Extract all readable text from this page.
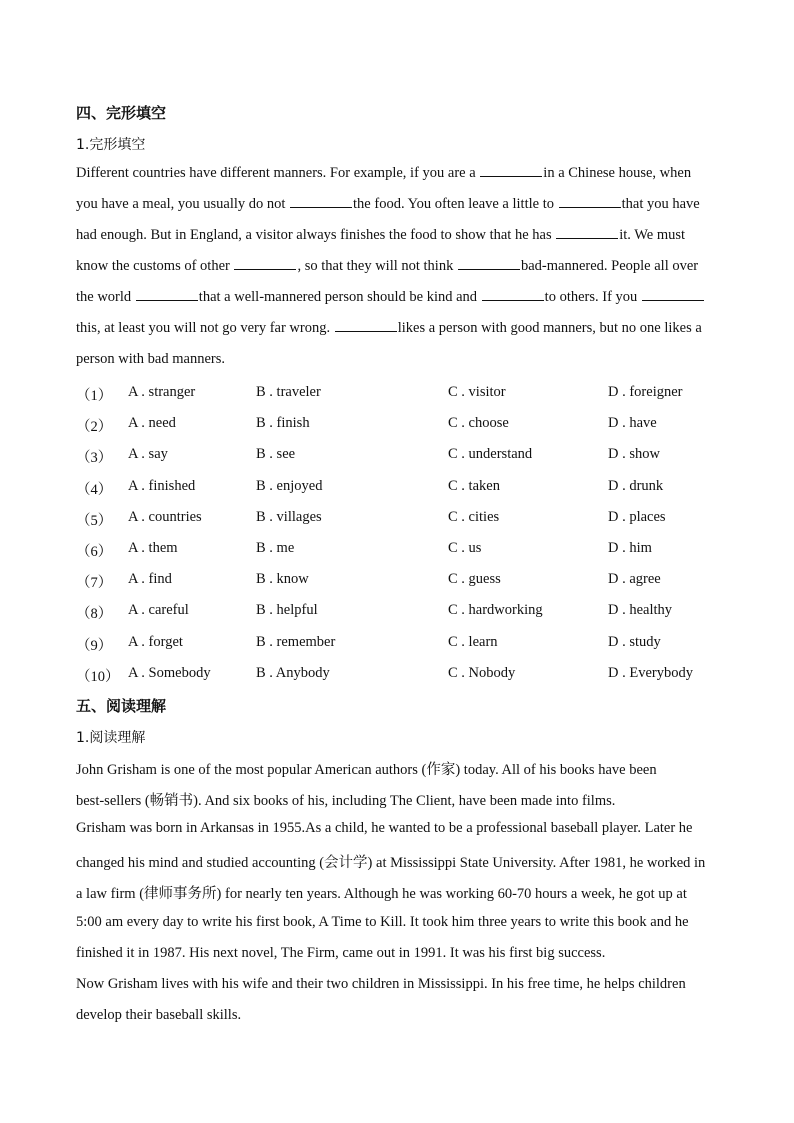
四、完形填空
1.完形填空
Different countries have different manners. For example, if you are a	in a Chinese house, when
you have a meal, you usually do not	the food. You often leave a little to	that you have
had enough. But in England, a visitor always finishes the food to show that he has	it. We must
know the customs of other	, so that they will not think	bad-mannered. People all over
the world	that a well-mannered person should be kind and	to others. If you
this, at least you will not go very far wrong.	likes a person with good manners, but no one likes a
person with bad manners.
（1） A . stranger	B . traveler	C . visitor	D . foreigner
（2） A . need	B . finish	C . choose	D . have
（3） A . say	B . see	C . understand	D . show
（4） A . finished	B . enjoyed	C . taken	D . drunk
（5） A . countries	B . villages	C . cities	D . places
（6） A . them	B . me	C . us	D . him
（7） A . find	B . know	C . guess	D . agree
（8） A . careful	B . helpful	C . hardworking	D . healthy
（9） A . forget	B . remember	C . learn	D . study
（10） A . Somebody	B . Anybody	C . Nobody	D . Everybody
五、阅读理解
1.阅读理解
John Grisham is one of the most popular American authors (作家) today. All of his books have been
best-sellers (畅销书). And six books of his, including The Client, have been made into films.
Grisham was born in Arkansas in 1955.As a child, he wanted to be a professional baseball player. Later he
changed his mind and studied accounting (会计学) at Mississippi State University. After 1981, he worked in
a law firm (律师事务所) for nearly ten years. Although he was working 60-70 hours a week, he got up at
5:00 am every day to write his first book, A Time to Kill. It took him three years to write this book and he
finished it in 1987. His next novel, The Firm, came out in 1991. It was his first big success.
Now Grisham lives with his wife and their two children in Mississippi. In his free time, he helps children
develop their baseball skills.
